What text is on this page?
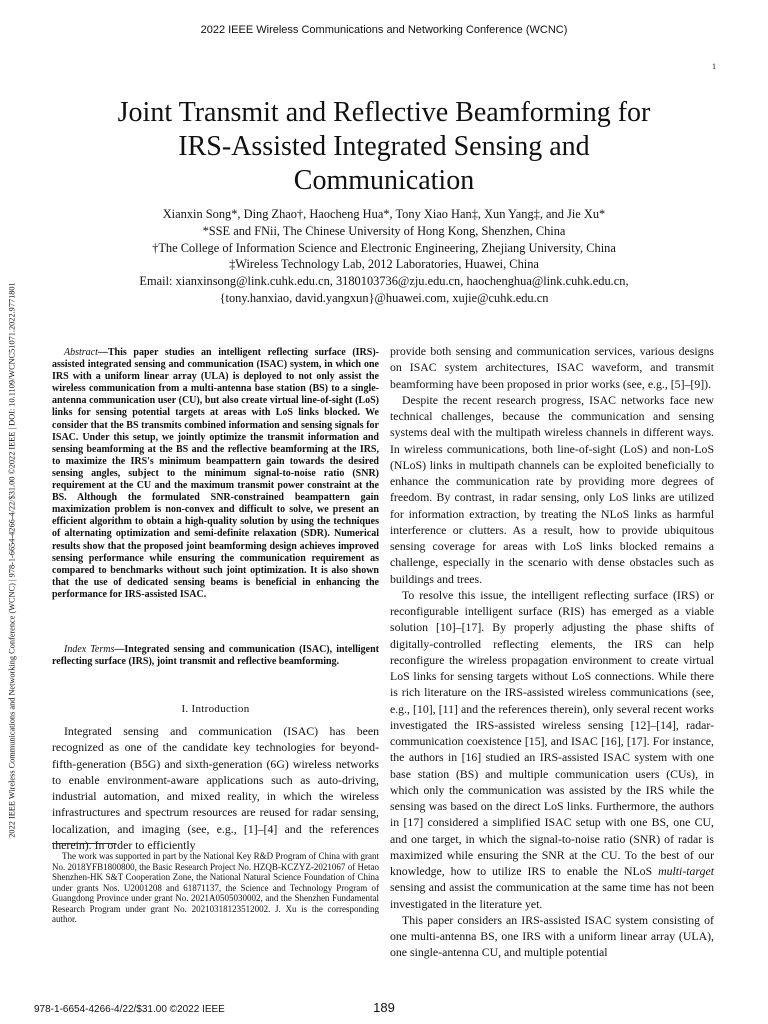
2022 IEEE Wireless Communications and Networking Conference (WCNC)
1
2022 IEEE Wireless Communications and Networking Conference (WCNC) | 978-1-6654-4266-4/22/$31.00 ©2022 IEEE | DOI: 10.1109/WCNC51071.2022.9771801
Joint Transmit and Reflective Beamforming for
IRS-Assisted Integrated Sensing and
Communication
Xianxin Song*, Ding Zhao†, Haocheng Hua*, Tony Xiao Han‡, Xun Yang‡, and Jie Xu*
*SSE and FNii, The Chinese University of Hong Kong, Shenzhen, China
†The College of Information Science and Electronic Engineering, Zhejiang University, China
‡Wireless Technology Lab, 2012 Laboratories, Huawei, China
Email: xianxinsong@link.cuhk.edu.cn, 3180103736@zju.edu.cn, haochenghua@link.cuhk.edu.cn,
{tony.hanxiao, david.yangxun}@huawei.com, xujie@cuhk.edu.cn

Abstract—This paper studies an intelligent reflecting surface (IRS)-assisted integrated sensing and communication (ISAC) system, in which one IRS with a uniform linear array (ULA) is deployed to not only assist the wireless communication from a multi-antenna base station (BS) to a single-antenna communication user (CU), but also create virtual line-of-sight (LoS) links for sensing potential targets at areas with LoS links blocked. We consider that the BS transmits combined information and sensing signals for ISAC. Under this setup, we jointly optimize the transmit information and sensing beamforming at the BS and the reflective beamforming at the IRS, to maximize the IRS's minimum beampattern gain towards the desired sensing angles, subject to the minimum signal-to-noise ratio (SNR) requirement at the CU and the maximum transmit power constraint at the BS. Although the formulated SNR-constrained beampattern gain maximization problem is non-convex and difficult to solve, we present an efficient algorithm to obtain a high-quality solution by using the techniques of alternating optimization and semi-definite relaxation (SDR). Numerical results show that the proposed joint beamforming design achieves improved sensing performance while ensuring the communication requirement as compared to benchmarks without such joint optimization. It is also shown that the use of dedicated sensing beams is beneficial in enhancing the performance for IRS-assisted ISAC.

Index Terms—Integrated sensing and communication (ISAC), intelligent reflecting surface (IRS), joint transmit and reflective beamforming.

I. Introduction

Integrated sensing and communication (ISAC) has been recognized as one of the candidate key technologies for beyond-fifth-generation (B5G) and sixth-generation (6G) wireless networks to enable environment-aware applications such as auto-driving, industrial automation, and mixed reality, in which the wireless infrastructures and spectrum resources are reused for radar sensing, localization, and imaging (see, e.g., [1]–[4] and the references therein). In order to efficiently

The work was supported in part by the National Key R&D Program of China with grant No. 2018YFB1800800, the Basic Research Project No. HZQB-KCZYZ-2021067 of Hetao Shenzhen-HK S&T Cooperation Zone, the National Natural Science Foundation of China under grants Nos. U2001208 and 61871137, the Science and Technology Program of Guangdong Province under grant No. 2021A0505030002, and the Shenzhen Fundamental Research Program under grant No. 20210318123512002. J. Xu is the corresponding author.

provide both sensing and communication services, various designs on ISAC system architectures, ISAC waveform, and transmit beamforming have been proposed in prior works (see, e.g., [5]–[9]).

Despite the recent research progress, ISAC networks face new technical challenges, because the communication and sensing systems deal with the multipath wireless channels in different ways. In wireless communications, both line-of-sight (LoS) and non-LoS (NLoS) links in multipath channels can be exploited beneficially to enhance the communication rate by providing more degrees of freedom. By contrast, in radar sensing, only LoS links are utilized for information extraction, by treating the NLoS links as harmful interference or clutters. As a result, how to provide ubiquitous sensing coverage for areas with LoS links blocked remains a challenge, especially in the scenario with dense obstacles such as buildings and trees.

To resolve this issue, the intelligent reflecting surface (IRS) or reconfigurable intelligent surface (RIS) has emerged as a viable solution [10]–[17]. By properly adjusting the phase shifts of digitally-controlled reflecting elements, the IRS can help reconfigure the wireless propagation environment to create virtual LoS links for sensing targets without LoS connections. While there is rich literature on the IRS-assisted wireless communications (see, e.g., [10], [11] and the references therein), only several recent works investigated the IRS-assisted wireless sensing [12]–[14], radar-communication coexistence [15], and ISAC [16], [17]. For instance, the authors in [16] studied an IRS-assisted ISAC system with one base station (BS) and multiple communication users (CUs), in which only the communication was assisted by the IRS while the sensing was based on the direct LoS links. Furthermore, the authors in [17] considered a simplified ISAC setup with one BS, one CU, and one target, in which the signal-to-noise ratio (SNR) of radar is maximized while ensuring the SNR at the CU. To the best of our knowledge, how to utilize IRS to enable the NLoS multi-target sensing and assist the communication at the same time has not been investigated in the literature yet.

This paper considers an IRS-assisted ISAC system consisting of one multi-antenna BS, one IRS with a uniform linear array (ULA), one single-antenna CU, and multiple potential

978-1-6654-4266-4/22/$31.00 ©2022 IEEE	189
